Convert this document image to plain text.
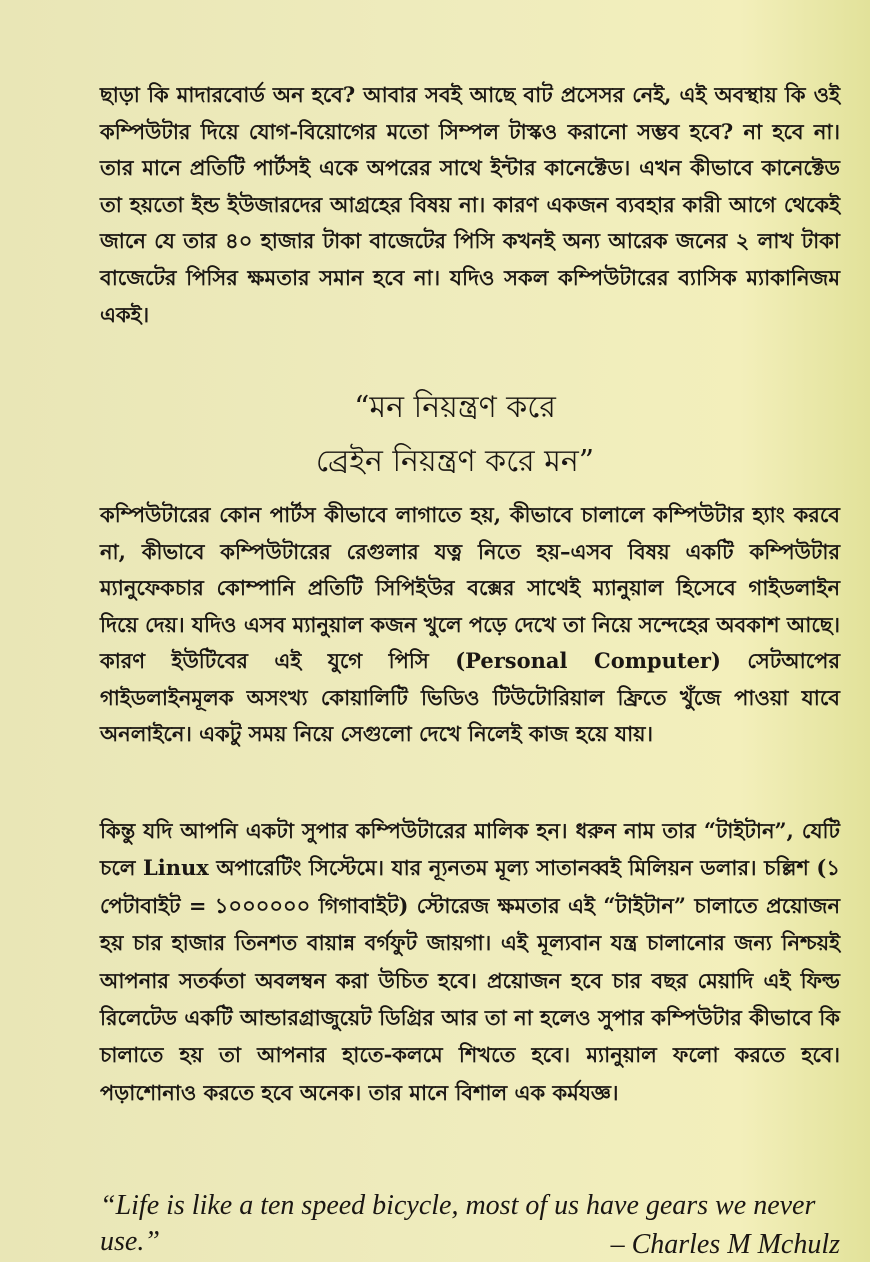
ছাড়া কি মাদারবোর্ড অন হবে? আবার সবই আছে বাট প্রসেসর নেই, এই অবস্থায় কি ওই কম্পিউটার দিয়ে যোগ-বিয়োগের মতো সিম্পল টাস্কও করানো সম্ভব হবে? না হবে না। তার মানে প্রতিটি পার্টসই একে অপরের সাথে ইন্টার কানেক্টেড। এখন কীভাবে কানেক্টেড তা হয়তো ইন্ড ইউজারদের আগ্রহের বিষয় না। কারণ একজন ব্যবহার কারী আগে থেকেই জানে যে তার ৪০ হাজার টাকা বাজেটের পিসি কখনই অন্য আরেক জনের ২ লাখ টাকা বাজেটের পিসির ক্ষমতার সমান হবে না। যদিও সকল কম্পিউটারের ব্যাসিক ম্যাকানিজম একই।

“মন নিয়ন্ত্রণ করে
ব্রেইন নিয়ন্ত্রণ করে মন”

কম্পিউটারের কোন পার্টস কীভাবে লাগাতে হয়, কীভাবে চালালে কম্পিউটার হ্যাং করবে না, কীভাবে কম্পিউটারের রেগুলার যত্ন নিতে হয়–এসব বিষয় একটি কম্পিউটার ম্যানুফেকচার কোম্পানি প্রতিটি সিপিইউর বক্সের সাথেই ম্যানুয়াল হিসেবে গাইডলাইন দিয়ে দেয়। যদিও এসব ম্যানুয়াল কজন খুলে পড়ে দেখে তা নিয়ে সন্দেহের অবকাশ আছে। কারণ ইউটিবের এই যুগে পিসি (Personal Computer) সেটআপের গাইডলাইনমূলক অসংখ্য কোয়ালিটি ভিডিও টিউটোরিয়াল ফ্রিতে খুঁজে পাওয়া যাবে অনলাইনে। একটু সময় নিয়ে সেগুলো দেখে নিলেই কাজ হয়ে যায়।

কিন্তু যদি আপনি একটা সুপার কম্পিউটারের মালিক হন। ধরুন নাম তার “টাইটান”, যেটি চলে Linux অপারেটিং সিস্টেমে। যার ন্যূনতম মূল্য সাতানব্বই মিলিয়ন ডলার। চল্লিশ (১ পেটাবাইট = ১০০০০০০ গিগাবাইট) স্টোরেজ ক্ষমতার এই “টাইটান” চালাতে প্রয়োজন হয় চার হাজার তিনশত বায়ান্ন বর্গফুট জায়গা। এই মূল্যবান যন্ত্র চালানোর জন্য নিশ্চয়ই আপনার সতর্কতা অবলম্বন করা উচিত হবে। প্রয়োজন হবে চার বছর মেয়াদি এই ফিল্ড রিলেটেড একটি আন্ডারগ্রাজুয়েট ডিগ্রির আর তা না হলেও সুপার কম্পিউটার কীভাবে কি চালাতে হয় তা আপনার হাতে-কলমে শিখতে হবে। ম্যানুয়াল ফলো করতে হবে। পড়াশোনাও করতে হবে অনেক। তার মানে বিশাল এক কর্মযজ্ঞ।

“Life is like a ten speed bicycle, most of us have gears we never use.”	– Charles M Mchulz
